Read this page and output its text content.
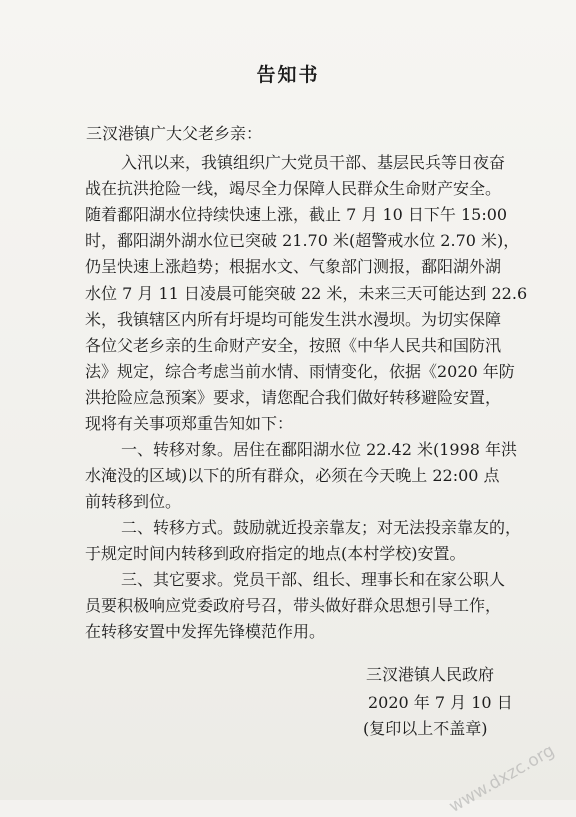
告知书
三汊港镇广大父老乡亲：
入汛以来，我镇组织广大党员干部、基层民兵等日夜奋
战在抗洪抢险一线，竭尽全力保障人民群众生命财产安全。
随着鄱阳湖水位持续快速上涨，截止 7 月 10 日下午 15:00
时，鄱阳湖外湖水位已突破 21.70 米(超警戒水位 2.70 米)，
仍呈快速上涨趋势；根据水文、气象部门测报，鄱阳湖外湖
水位 7 月 11 日凌晨可能突破 22 米，未来三天可能达到 22.6
米，我镇辖区内所有圩堤均可能发生洪水漫坝。为切实保障
各位父老乡亲的生命财产安全，按照《中华人民共和国防汛
法》规定，综合考虑当前水情、雨情变化，依据《2020 年防
洪抢险应急预案》要求，请您配合我们做好转移避险安置，
现将有关事项郑重告知如下：
一、转移对象。居住在鄱阳湖水位 22.42 米(1998 年洪
水淹没的区域)以下的所有群众，必须在今天晚上 22:00 点
前转移到位。
二、转移方式。鼓励就近投亲靠友；对无法投亲靠友的，
于规定时间内转移到政府指定的地点(本村学校)安置。
三、其它要求。党员干部、组长、理事长和在家公职人
员要积极响应党委政府号召，带头做好群众思想引导工作，
在转移安置中发挥先锋模范作用。
三汊港镇人民政府
2020 年 7 月 10 日
(复印以上不盖章)
www.dxzc.org
